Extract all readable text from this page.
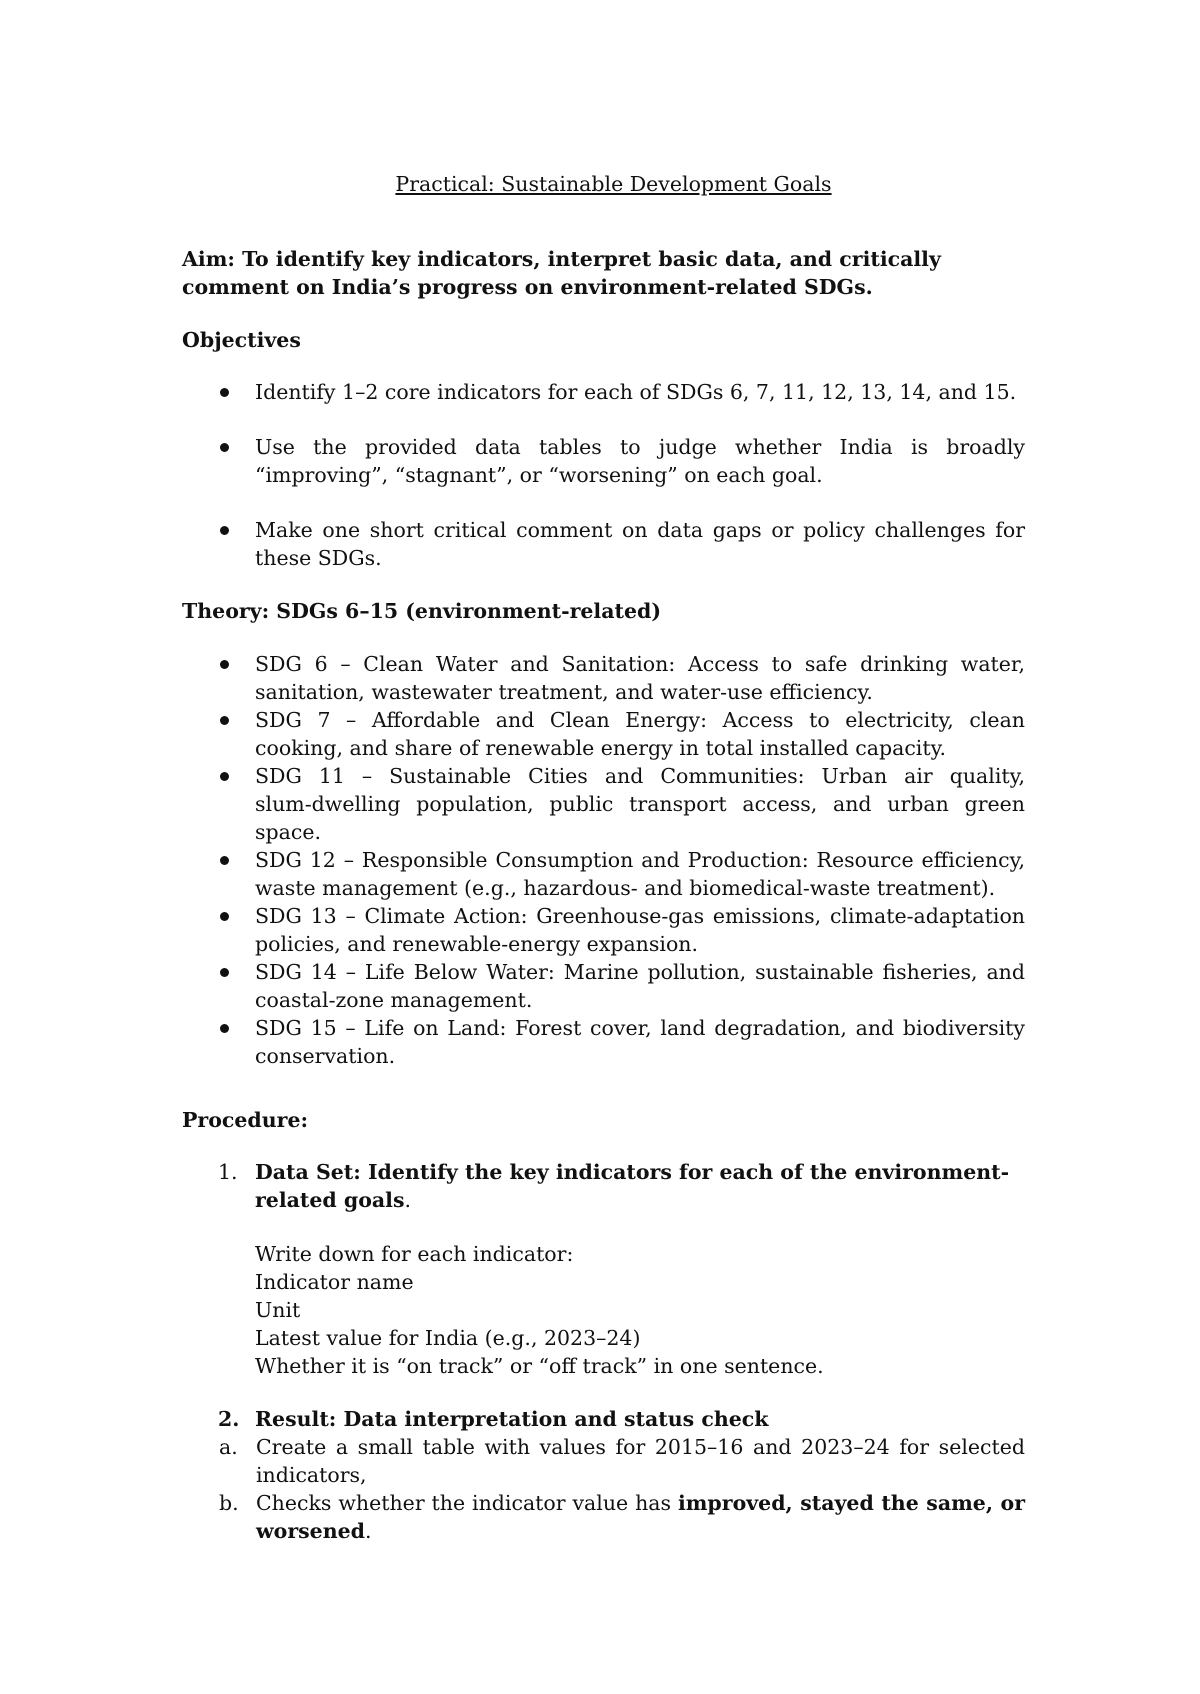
Practical: Sustainable Development Goals
Aim: To identify key indicators, interpret basic data, and critically comment on India’s progress on environment‑related SDGs.
Objectives
Identify 1–2 core indicators for each of SDGs 6, 7, 11, 12, 13, 14, and 15.
Use the provided data tables to judge whether India is broadly “improving”, “stagnant”, or “worsening” on each goal.
Make one short critical comment on data gaps or policy challenges for these SDGs.
Theory: SDGs 6–15 (environment‑related)
SDG 6 – Clean Water and Sanitation: Access to safe drinking water, sanitation, wastewater treatment, and water‑use efficiency.
SDG 7 – Affordable and Clean Energy: Access to electricity, clean cooking, and share of renewable energy in total installed capacity.
SDG 11 – Sustainable Cities and Communities: Urban air quality, slum‑dwelling population, public transport access, and urban green space.
SDG 12 – Responsible Consumption and Production: Resource efficiency, waste management (e.g., hazardous‑ and biomedical‑waste treatment).
SDG 13 – Climate Action: Greenhouse‑gas emissions, climate‑adaptation policies, and renewable‑energy expansion.
SDG 14 – Life Below Water: Marine pollution, sustainable fisheries, and coastal‑zone management.
SDG 15 – Life on Land: Forest cover, land degradation, and biodiversity conservation.
Procedure:
1. Data Set: Identify the key indicators for each of the environment-related goals.
Write down for each indicator:
Indicator name
Unit
Latest value for India (e.g., 2023–24)
Whether it is “on track” or “off track” in one sentence.
2. Result: Data interpretation and status check
a. Create a small table with values for 2015–16 and 2023–24 for selected indicators,
b. Checks whether the indicator value has improved, stayed the same, or worsened.
